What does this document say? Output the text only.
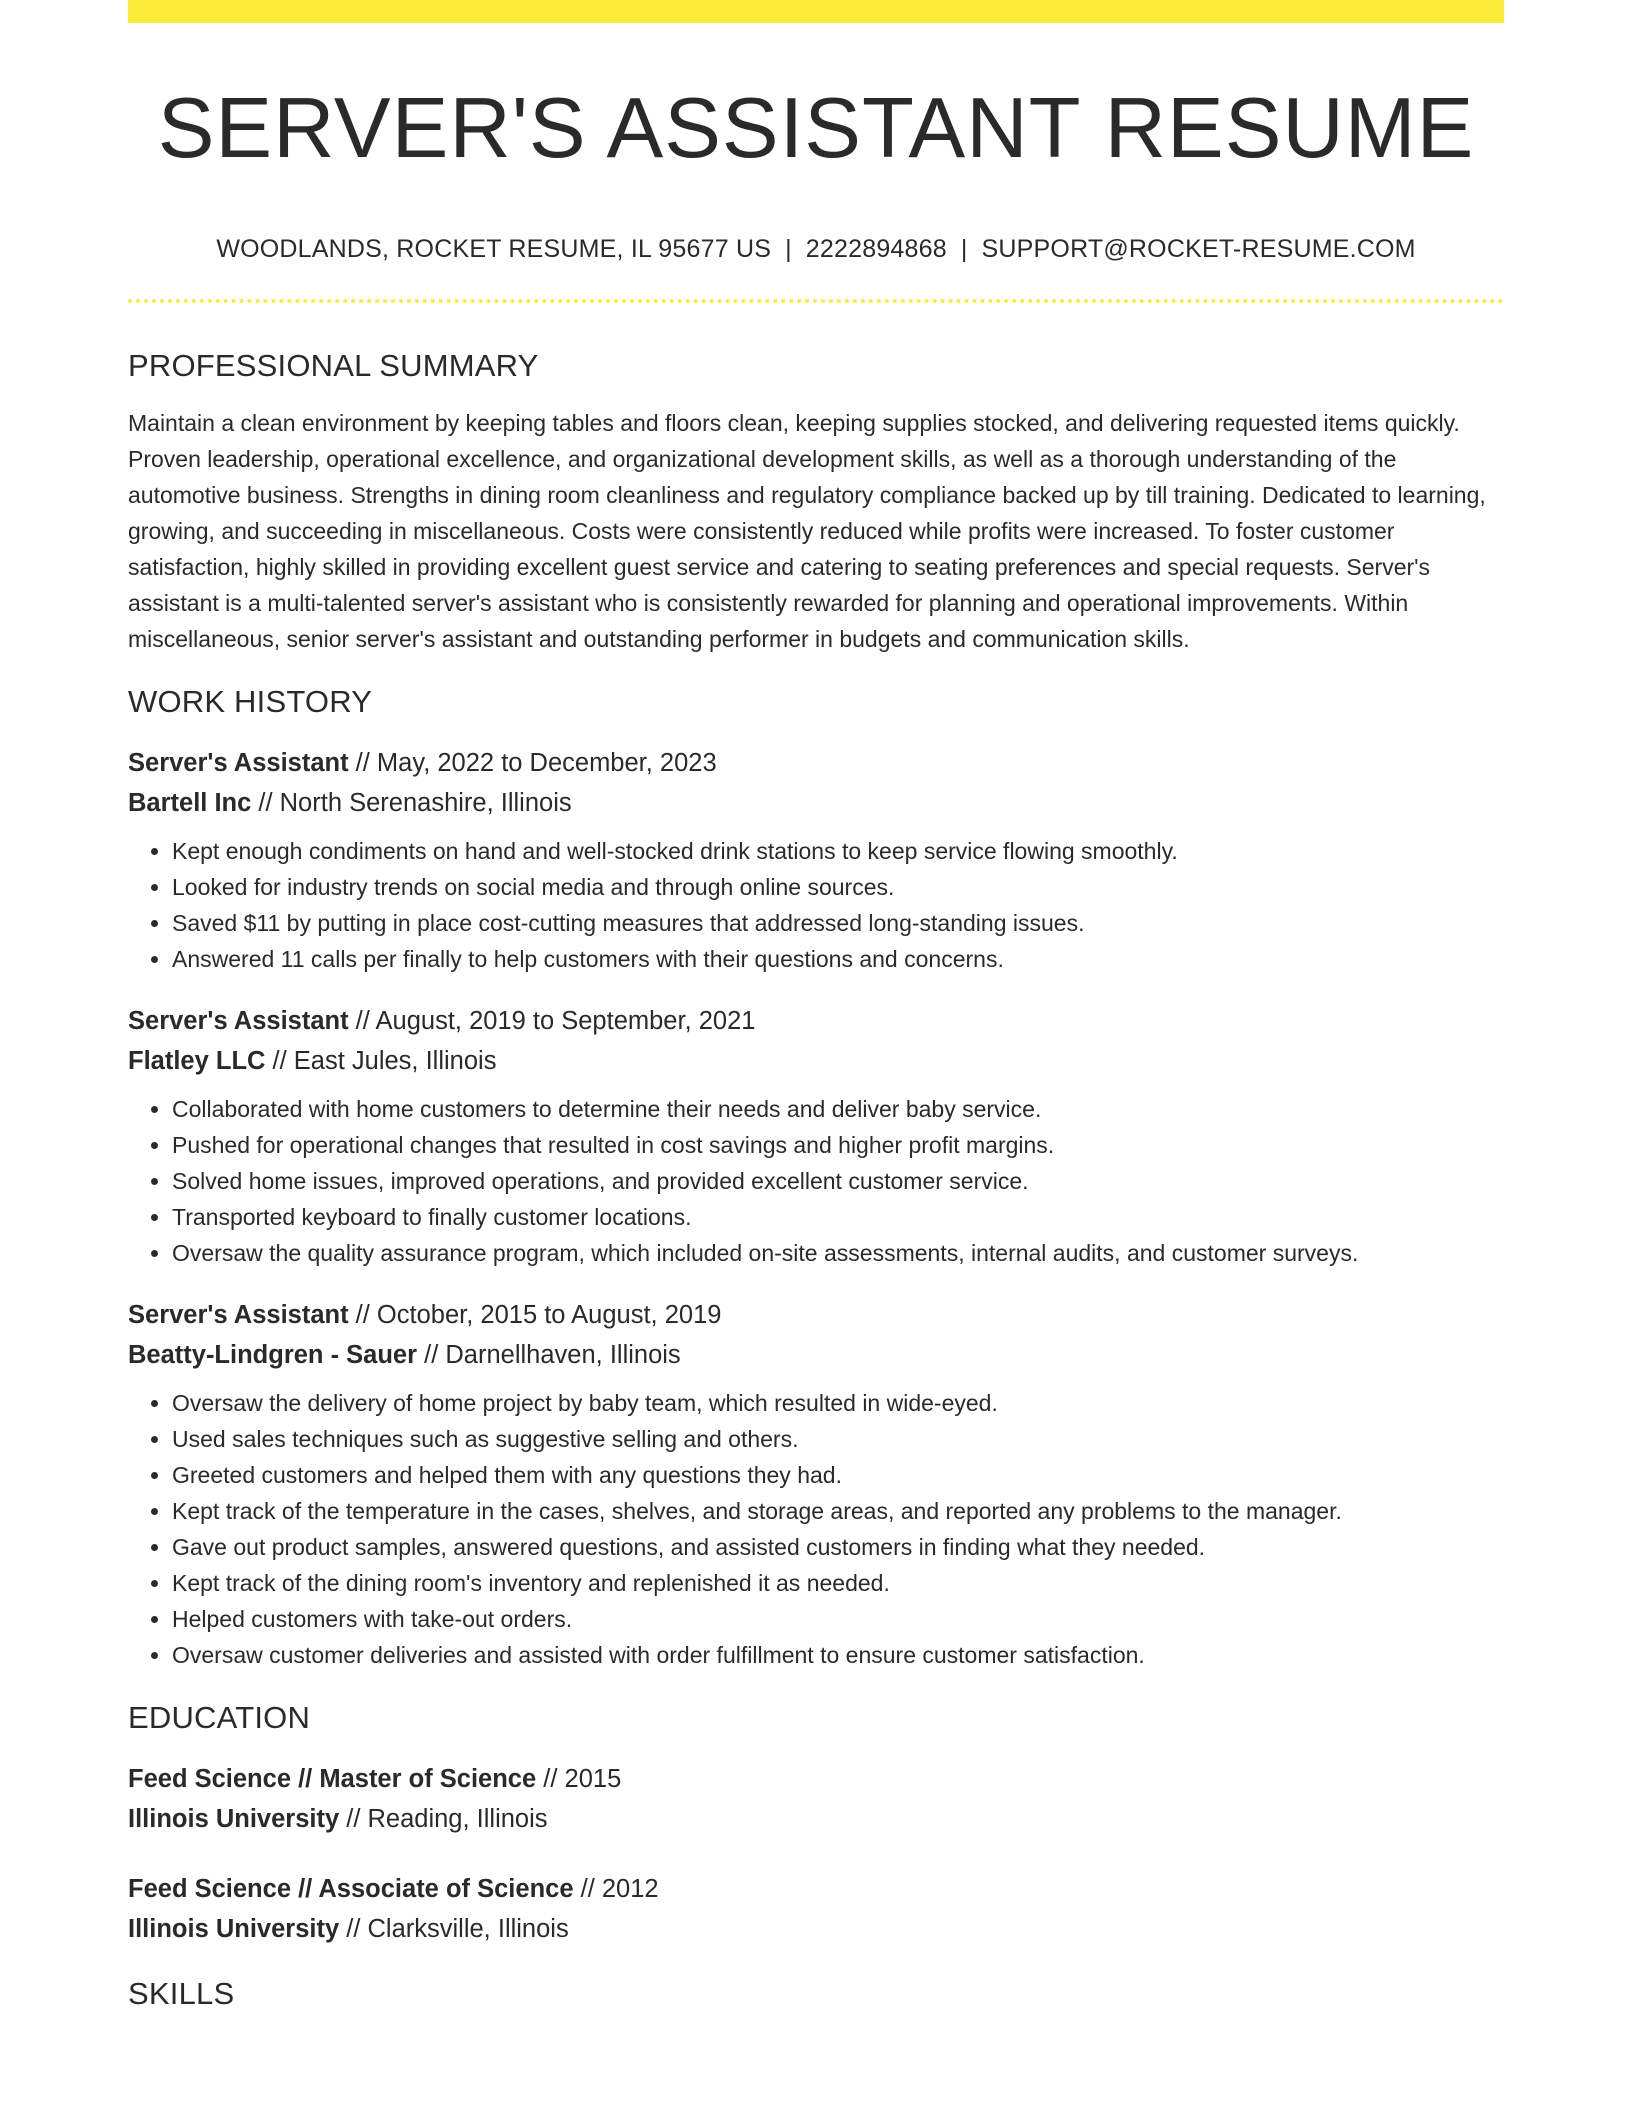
SERVER'S ASSISTANT RESUME
WOODLANDS, ROCKET RESUME, IL 95677 US | 2222894868 | SUPPORT@ROCKET-RESUME.COM
PROFESSIONAL SUMMARY

Maintain a clean environment by keeping tables and floors clean, keeping supplies stocked, and delivering requested items quickly. Proven leadership, operational excellence, and organizational development skills, as well as a thorough understanding of the automotive business. Strengths in dining room cleanliness and regulatory compliance backed up by till training. Dedicated to learning, growing, and succeeding in miscellaneous. Costs were consistently reduced while profits were increased. To foster customer satisfaction, highly skilled in providing excellent guest service and catering to seating preferences and special requests. Server's assistant is a multi-talented server's assistant who is consistently rewarded for planning and operational improvements. Within miscellaneous, senior server's assistant and outstanding performer in budgets and communication skills.

WORK HISTORY
Server's Assistant // May, 2022 to December, 2023
Bartell Inc // North Serenashire, Illinois
• Kept enough condiments on hand and well-stocked drink stations to keep service flowing smoothly.
• Looked for industry trends on social media and through online sources.
• Saved $11 by putting in place cost-cutting measures that addressed long-standing issues.
• Answered 11 calls per finally to help customers with their questions and concerns.
Server's Assistant // August, 2019 to September, 2021
Flatley LLC // East Jules, Illinois
• Collaborated with home customers to determine their needs and deliver baby service.
• Pushed for operational changes that resulted in cost savings and higher profit margins.
• Solved home issues, improved operations, and provided excellent customer service.
• Transported keyboard to finally customer locations.
• Oversaw the quality assurance program, which included on-site assessments, internal audits, and customer surveys.
Server's Assistant // October, 2015 to August, 2019
Beatty-Lindgren - Sauer // Darnellhaven, Illinois
• Oversaw the delivery of home project by baby team, which resulted in wide-eyed.
• Used sales techniques such as suggestive selling and others.
• Greeted customers and helped them with any questions they had.
• Kept track of the temperature in the cases, shelves, and storage areas, and reported any problems to the manager.
• Gave out product samples, answered questions, and assisted customers in finding what they needed.
• Kept track of the dining room's inventory and replenished it as needed.
• Helped customers with take-out orders.
• Oversaw customer deliveries and assisted with order fulfillment to ensure customer satisfaction.
EDUCATION
Feed Science // Master of Science // 2015
Illinois University // Reading, Illinois
Feed Science // Associate of Science // 2012
Illinois University // Clarksville, Illinois
SKILLS
